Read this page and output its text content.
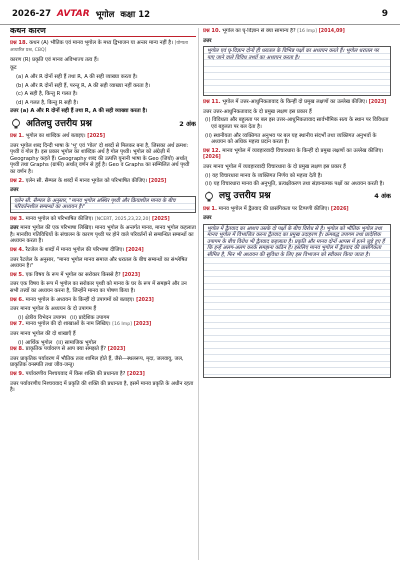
2026-27 AVTAR भूगोल कक्षा 12	9
कथन कारण

प्रश्न 18. कथन (A) भौतिक एवं मानव भूगोल के मध्य द्विभाजन या अन्तर मान्य नहीं है। [योग्यता आधारित प्रश्न, CBQ]

कारण (R) प्रकृति एवं मानव अविभाज्य तत्व हैं।

कूट

(a) A और R दोनों सही हैं तथा R, A की सही व्याख्या करता है।

(b) A और R दोनों सही हैं, परन्तु R, A की सही व्याख्या नहीं करता है।

(c) A सही है, किन्तु R गलत है।

(d) A गलत है, किन्तु R सही है।

उत्तर (a) A और R दोनों सही हैं तथा R, A की सही व्याख्या करता है।

अतिलघु उत्तरीय प्रश्न	2 अंक

प्रश्न 1. भूगोल का शाब्दिक अर्थ बताइए। [2025]

उत्तर भूगोल शब्द दिन्दी भाषा के 'भू' एवं 'गोल' दो शब्दों से मिलकर बना है, जिसका अर्थ क्रमश: पृथ्वी व गोल है। इस प्रकार भूगोल का शाब्दिक अर्थ है गोल पृथ्वी। भूगोल को अंग्रेज़ी में Geography कहते हैं। Geography शब्द की उत्पत्ति यूनानी भाषा के Geo (जियो) अर्थात् पृथ्वी तथा Graphs (ग्राफी) अर्थात् वर्णन से हुई है। Geo व Graphs का सम्मिलित अर्थ पृथ्वी का वर्णन है।

प्रश्न 2. एलेन सी. सैम्पल के शब्दों में मानव भूगोल को परिभाषित कीजिए। [2025]

उत्तर

एलेन सी. सैम्पल के अनुसार, "मानव भूगोल अस्थिर पृथ्वी और क्रियाशील मानव के बीच परिवर्तनशील सम्बन्धों का अध्ययन है।"

प्रश्न 3. मानव भूगोल को परिभाषित कीजिए। [NCERT, 2025,23,22,20] [2025]

उत्तर मानव भूगोल की एक परिभाषा लिखिए। मानव भूगोल के अन्तर्गत मानव, मानव भूगोल कहलाता है। मानवीय गतिविधियों के संचालन के कारण पृथ्वी पर होने वाले परिवर्तनों से सम्बन्धित सम्बन्धों का अध्ययन करता है।

प्रश्न 4. रैटजेल के शब्दों में मानव भूगोल की परिभाषा दीजिए। [2024]

उत्तर रैटजेल के अनुसार, "मानव भूगोल मानव समाज और धरातल के बीच सम्बन्धों का संश्लेषित अध्ययन है।"

प्रश्न 5. एक विषय के रूप में भूगोल का सरोकार किससे है? [2023]

उत्तर एक विषय के रूप में भूगोल का सरोकार पृथ्वी को मानव के घर के रूप में समझने और उन सभी तत्त्वों का अध्ययन करना है, जिन्होंने मानव का पोषण किया है।

प्रश्न 6. मानव भूगोल के अध्ययन के किन्हीं दो उपागमों को बताइए। [2023]

उत्तर मानव भूगोल के अध्ययन के दो उपागम हैं

(i) क्षेत्रीय विभेदन उपागम (ii) प्रादेशिक उपागम

प्रश्न 7. मानव भूगोल की दो शाखाओं के नाम लिखिए। [16 Imp] [2023]

उत्तर मानव भूगोल की दो शाखाएँ हैं

(i) आर्थिक भूगोल (ii) सामाजिक भूगोल

प्रश्न 8. प्राकृतिक पर्यावरण से आप क्या समझते हैं? [2023]

उत्तर प्राकृतिक पर्यावरण में भौतिक तत्त्व शामिल होते हैं, जैसे—स्थलरूप, मृदा, जलवायु, जल, प्राकृतिक वनस्पति तथा जीव-जन्तु।

प्रश्न 9. पर्यावरणीय निश्चयवाद में किस शक्ति की प्रधानता है? [2023]

उत्तर पर्यावरणीय निश्चयवाद में प्रकृति की शक्ति की प्रधानता है, इसमें मानव प्रकृति के अधीन रहता है।

प्रश्न 10. भूगोल का घृ-विज्ञान से क्या सामान्य है? [16 Imp] [2014,09]

उत्तर

भूगोल एवं घृ-विज्ञान दोनों ही धरातल के विभिन्न पक्षों का अध्ययन करते हैं। भूगोल धरातल पर पाए जाने वाले विविध तथ्यों का अध्ययन करता है।

प्रश्न 11. भूगोल में उत्तर-आधुनिकतावाद के किन्हीं दो प्रमुख लक्षणों का उल्लेख कीजिए। [2023]

उत्तर उत्तर-आधुनिकतावाद के दो प्रमुख लक्षण इस प्रकार हैं

(i) विविधता और बहुलता पर बल इस उत्तर-आधुनिकतावाद सार्वभौमिक सत्य के स्थान पर विविधता एवं बहुलता पर बल देता है।

(ii) स्थानीयता और व्यक्तिगत अनुभव पर बल यह स्थानीय संदर्भों तथा व्यक्तिगत अनुभवों के अध्ययन को अधिक महत्त्व प्रदान करता है।

प्रश्न 12. मानव भूगोल में व्यवहारवादी विचारधारा के किन्हीं दो प्रमुख लक्षणों का उल्लेख कीजिए। [2026]

उत्तर मानव भूगोल में व्यवहारवादी विचारधारा के दो प्रमुख लक्षण इस प्रकार हैं

(i) यह विचारधारा मानव के व्यक्तिगत निर्णय को महत्त्व देती है।

(ii) यह विचारधारा मानव की अनुभूति, प्रत्यक्षीकरण तथा संज्ञानात्मक पक्षों का अध्ययन करती है।

लघु उत्तरीय प्रश्न	4 अंक

प्रश्न 1. मानव भूगोल में द्वैतवाद की प्रासंगिकता पर टिप्पणी कीजिए। [2026]

उत्तर

भूगोल में द्वैतवाद का आशय उसके दो पक्षों के बीच विरोध से है। भूगोल को भौतिक भूगोल तथा मानव भूगोल में विभाजित करना द्वैतवाद का प्रमुख उदाहरण है। क्रमबद्ध उपागम तथा प्रादेशिक उपागम के बीच विरोध भी द्वैतवाद कहलाता है। प्रकृति और मानव दोनों आपस में इतने जुड़े हुए हैं कि इन्हें अलग-अलग करके समझना कठिन है। इसलिए मानव भूगोल में द्वैतवाद की प्रासंगिकता सीमित है, फिर भी अध्ययन की सुविधा के लिए इस विभाजन को स्वीकार किया जाता है।
